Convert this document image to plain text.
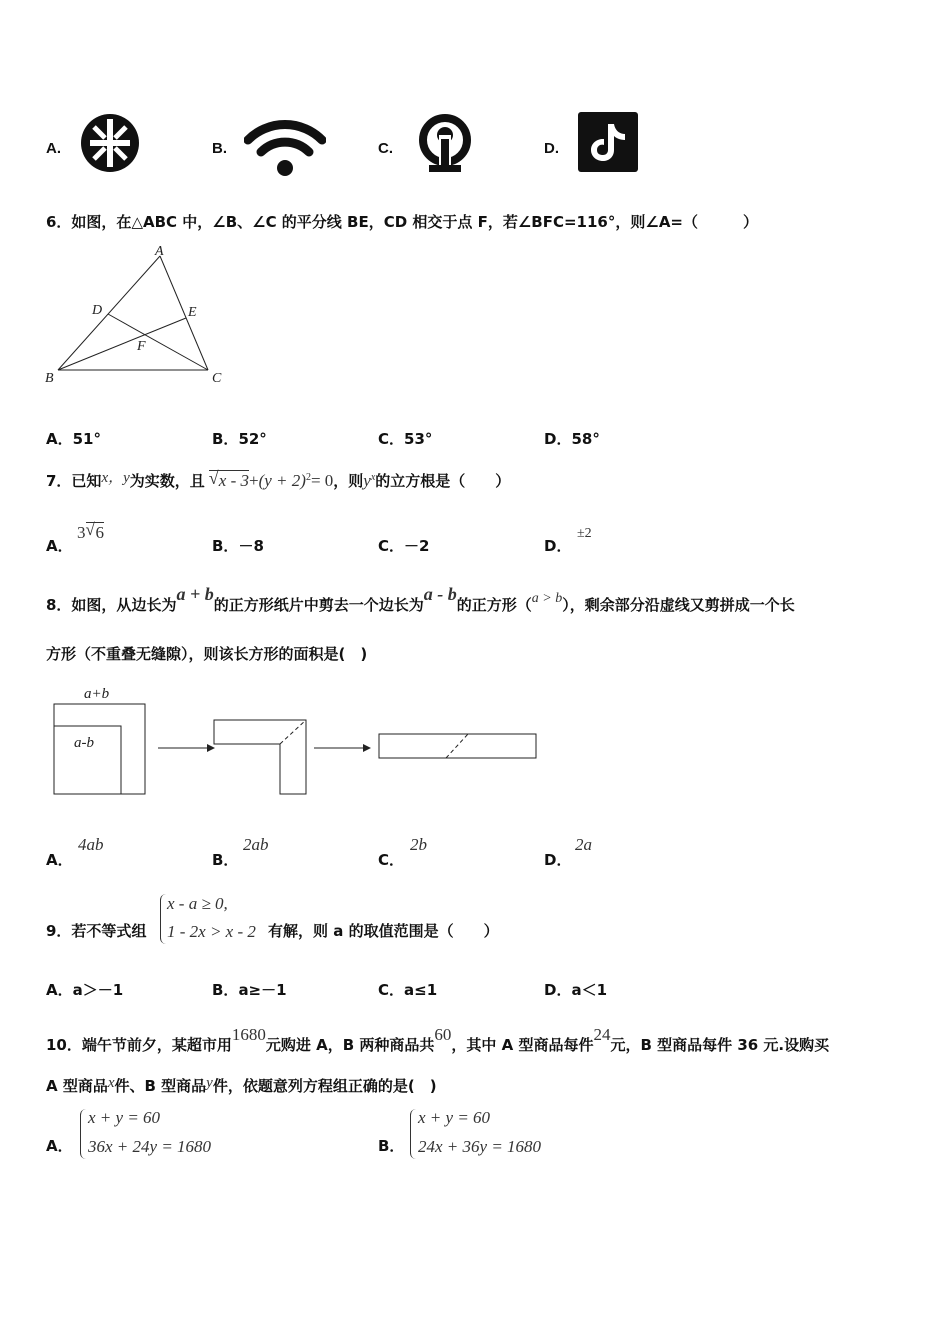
A.	B.	C.	D.
6．如图，在△ABC 中，∠B、∠C 的平分线 BE，CD 相交于点 F，若∠BFC=116°，则∠A=（　　　）
A
B	C
D	E
F
A．51°	B．52°	C．53°	D．58°
7．已知x，y为实数，且 √ $x - 3+(y + 2)^2= 0$，则$y^x$的立方根是（　　）
A．
3 √ 6
B．－8	C．－2	D．
±2
8．如图，从边长为a + b的正方形纸片中剪去一个边长为a - b的正方形（a > b），剩余部分沿虚线又剪拼成一个长
方形（不重叠无缝隙），则该长方形的面积是(　)
a+b
a-b
A．
4ab
B．
2ab
C．
2b
D．
2a
9．若不等式组
x - a ≥ 0,
1 - 2x > x - 2 有解，则 a 的取值范围是（　　）
A．a＞－1	B．a≥－1	C．a≤1	D．a＜1
10．端午节前夕，某超市用1680元购进 A，B 两种商品共60，其中 A 型商品每件24元，B 型商品每件 36 元.设购买
A 型商品x件、B 型商品y件，依题意列方程组正确的是(　)
A．
x + y = 60
36x + 24y = 1680	B．
x + y = 60
24x + 36y = 1680
